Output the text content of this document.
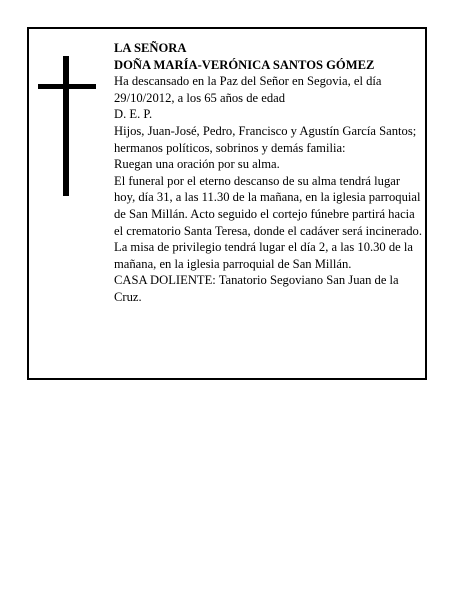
LA SEÑORA

DOÑA MARÍA-VERÓNICA SANTOS GÓMEZ

Ha descansado en la Paz del Señor en Segovia, el día 29/10/2012, a los 65 años de edad

D. E. P.

Hijos, Juan-José, Pedro, Francisco y Agustín García Santos; hermanos políticos, sobrinos y demás familia:

Ruegan una oración por su alma.

El funeral por el eterno descanso de su alma tendrá lugar hoy, día 31, a las 11.30 de la mañana, en la iglesia parroquial de San Millán. Acto seguido el cortejo fúnebre partirá hacia el crematorio Santa Teresa, donde el cadáver será incinerado. La misa de privilegio tendrá lugar el día 2, a las 10.30 de la mañana, en la iglesia parroquial de San Millán.

CASA DOLIENTE: Tanatorio Segoviano San Juan de la Cruz.
